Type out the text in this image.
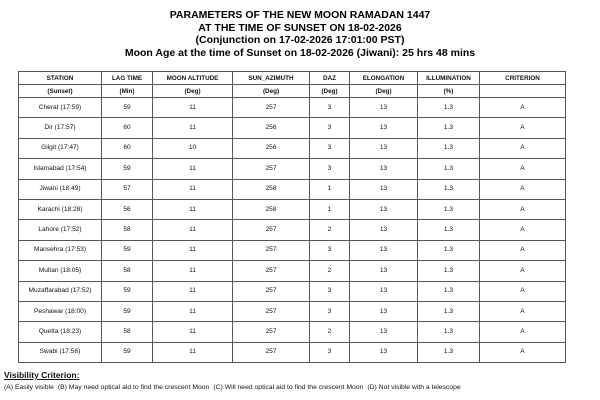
PARAMETERS OF THE NEW MOON RAMADAN 1447
AT THE TIME OF SUNSET ON 18-02-2026
(Conjunction on 17-02-2026 17:01:00 PST)
Moon Age at the time of Sunset on 18-02-2026 (Jiwani): 25 hrs 48 mins
STATION	LAG TIME	MOON ALTITUDE	SUN_AZIMUTH	DAZ	ELONGATION	ILLUMINATION	CRITERION
(Sunset)	(Min)	(Deg)	(Deg)	(Deg)	(Deg)	(%)	
Cherat (17:59)	59	11	257	3	13	1.3	A
Dir (17:57)	60	11	256	3	13	1.3	A
Gilgit (17:47)	60	10	256	3	13	1.3	A
Islamabad (17:54)	59	11	257	3	13	1.3	A
Jiwani (18:49)	57	11	258	1	13	1.3	A
Karachi (18:28)	56	11	258	1	13	1.3	A
Lahore (17:52)	58	11	257	2	13	1.3	A
Mansehra (17:53)	59	11	257	3	13	1.3	A
Multan (18:05)	58	11	257	2	13	1.3	A
Muzaffarabad (17:52)	59	11	257	3	13	1.3	A
Peshawar (18:00)	59	11	257	3	13	1.3	A
Quetta (18:23)	58	11	257	2	13	1.3	A
Swabi (17:56)	59	11	257	3	13	1.3	A
Visibility Criterion:
(A) Easily visible (B) May need optical aid to find the crescent Moon (C) Will need optical aid to find the crescent Moon (D) Not visible with a telescope
